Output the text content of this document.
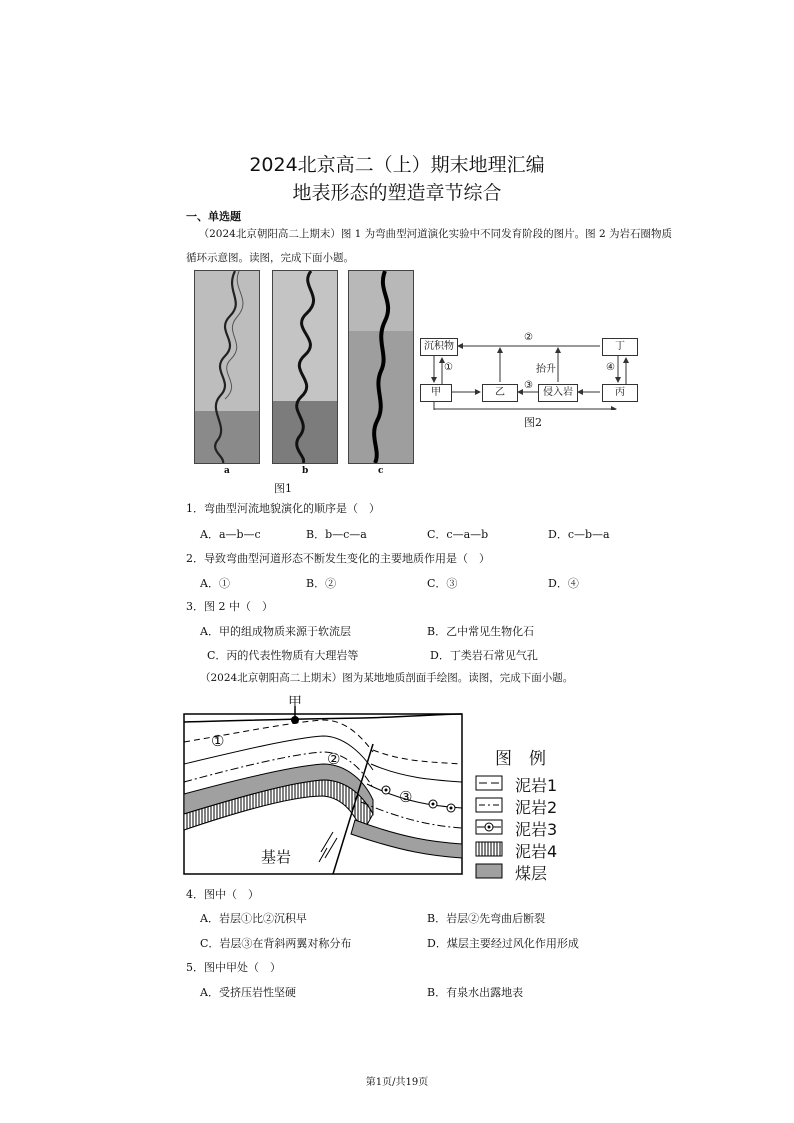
2024北京高二（上）期末地理汇编
地表形态的塑造章节综合
一、单选题
（2024北京朝阳高二上期末）图 1 为弯曲型河道演化实验中不同发育阶段的图片。图 2 为岩石圈物质
循环示意图。读图，完成下面小题。
a	b	c
图1
沉积物	丁
甲	乙	侵入岩	丙
①
②
③
④
抬升
图2
1．弯曲型河流地貌演化的顺序是（　）
A．a—b—c	B．b—c—a	C．c—a—b	D．c—b—a
2．导致弯曲型河道形态不断发生变化的主要地质作用是（　）
A．①	B．②	C．③	D．④
3．图 2 中（　）
A．甲的组成物质来源于软流层	B．乙中常见生物化石
C．丙的代表性物质有大理岩等	D．丁类岩石常见气孔
（2024北京朝阳高二上期末）图为某地地质剖面手绘图。读图，完成下面小题。
甲
①
②
③
基岩
图　例
泥岩1
泥岩2
泥岩3
泥岩4
煤层
4．图中（　）
A．岩层①比②沉积早	B．岩层②先弯曲后断裂
C．岩层③在背斜两翼对称分布	D．煤层主要经过风化作用形成
5．图中甲处（　）
A．受挤压岩性坚硬	B．有泉水出露地表
第1页/共19页
